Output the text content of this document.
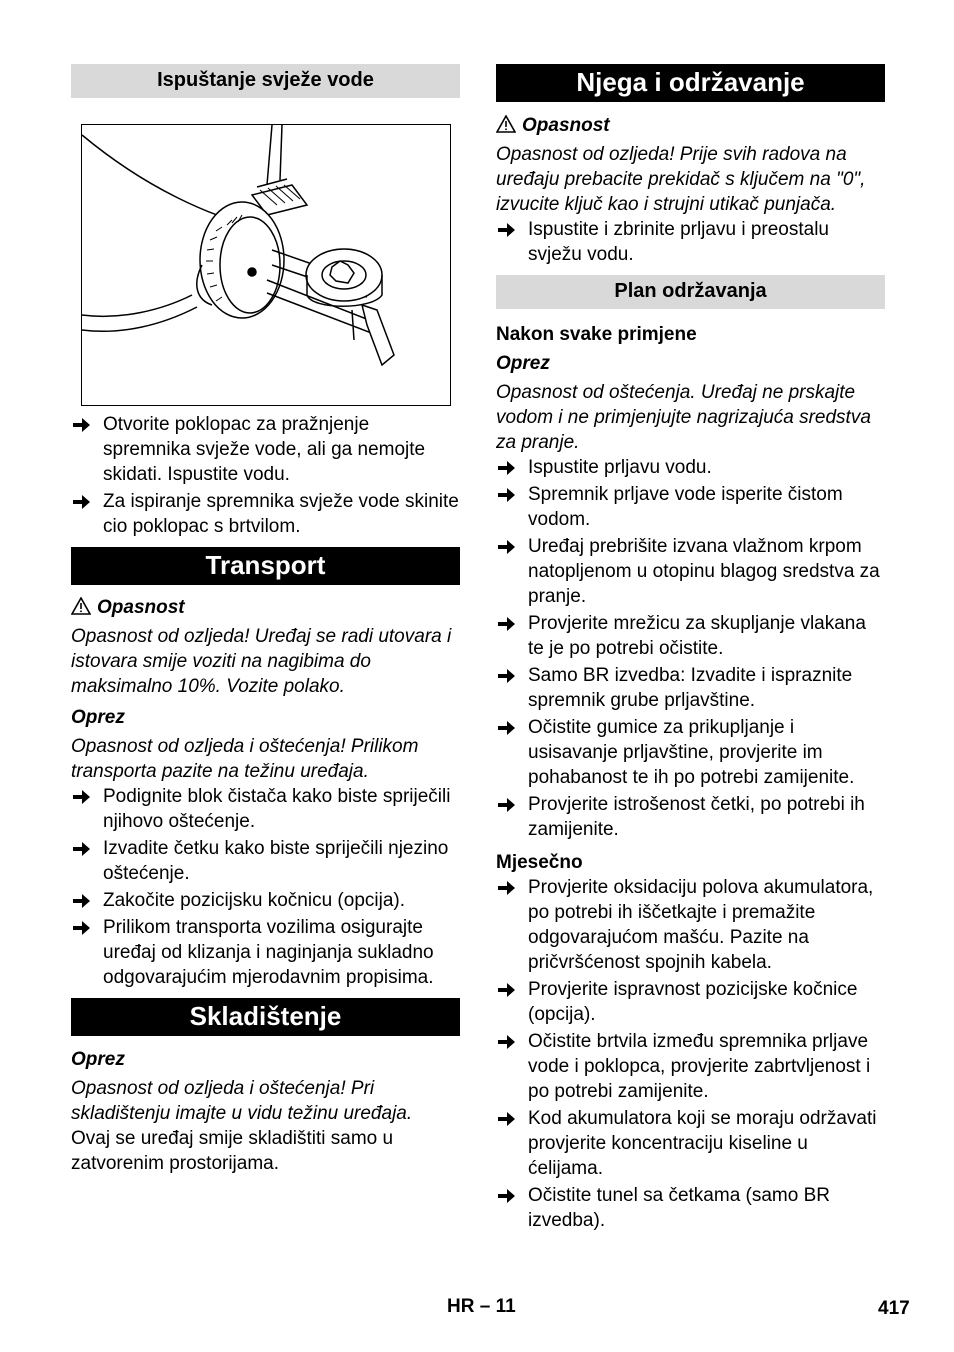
Ispuštanje svježe vode
Otvorite poklopac za pražnjenje spremnika svježe vode, ali ga nemojte skidati. Ispustite vodu.
Za ispiranje spremnika svježe vode skinite cio poklopac s brtvilom.
Transport
Opasnost

Opasnost od ozljeda! Uređaj se radi utovara i istovara smije voziti na nagibima do maksimalno 10%. Vozite polako.

Oprez

Opasnost od ozljeda i oštećenja! Prilikom transporta pazite na težinu uređaja.

Podignite blok čistača kako biste spriječili njihovo oštećenje.
Izvadite četku kako biste spriječili njezino oštećenje.
Zakočite pozicijsku kočnicu (opcija).
Prilikom transporta vozilima osigurajte uređaj od klizanja i naginjanja sukladno odgovarajućim mjerodavnim propisima.
Skladištenje
Oprez

Opasnost od ozljeda i oštećenja! Pri skladištenju imajte u vidu težinu uređaja.

Ovaj se uređaj smije skladištiti samo u zatvorenim prostorijama.

Njega i održavanje
Opasnost

Opasnost od ozljeda! Prije svih radova na uređaju prebacite prekidač s ključem na "0", izvucite ključ kao i strujni utikač punjača.

Ispustite i zbrinite prljavu i preostalu svježu vodu.
Plan održavanja
Nakon svake primjene
Oprez

Opasnost od oštećenja. Uređaj ne prskajte vodom i ne primjenjujte nagrizajuća sredstva za pranje.

Ispustite prljavu vodu.
Spremnik prljave vode isperite čistom vodom.
Uređaj prebrišite izvana vlažnom krpom natopljenom u otopinu blagog sredstva za pranje.
Provjerite mrežicu za skupljanje vlakana te je po potrebi očistite.
Samo BR izvedba: Izvadite i ispraznite spremnik grube prljavštine.
Očistite gumice za prikupljanje i usisavanje prljavštine, provjerite im pohabanost te ih po potrebi zamijenite.
Provjerite istrošenost četki, po potrebi ih zamijenite.
Mjesečno
Provjerite oksidaciju polova akumulatora, po potrebi ih iščetkajte i premažite odgovarajućom mašću. Pazite na pričvršćenost spojnih kabela.
Provjerite ispravnost pozicijske kočnice (opcija).
Očistite brtvila između spremnika prljave vode i poklopca, provjerite zabrtvljenost i po potrebi zamijenite.
Kod akumulatora koji se moraju održavati provjerite koncentraciju kiseline u ćelijama.
Očistite tunel sa četkama (samo BR izvedba).
HR – 11	417
